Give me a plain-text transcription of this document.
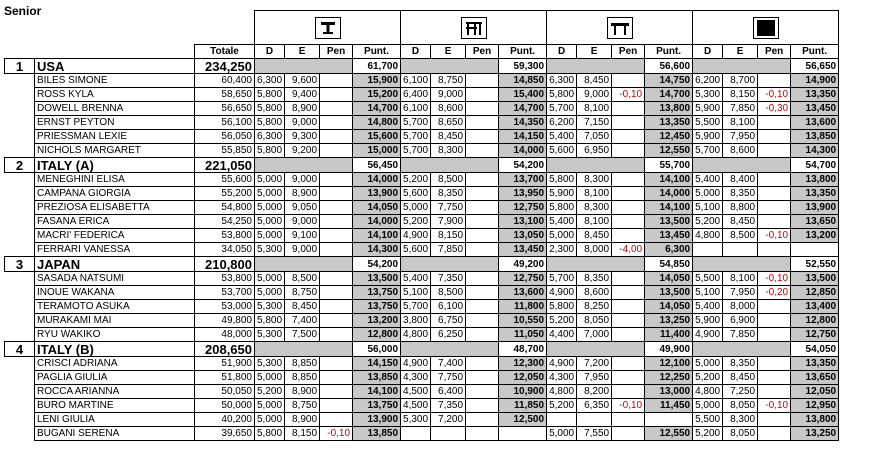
Senior

		Totale	D	E	Pen	Punt.	D	E	Pen	Punt.	D	E	Pen	Punt.	D	E	Pen	Punt.
1	USA	234,250				61,700				59,300				56,600				56,650
	BILES SIMONE	60,400	6,300	9,600		15,900	6,100	8,750		14,850	6,300	8,450		14,750	6,200	8,700		14,900
	ROSS KYLA	58,650	5,800	9,400		15,200	6,400	9,000		15,400	5,800	9,000	-0,10	14,700	5,300	8,150	-0,10	13,350
	DOWELL BRENNA	56,650	5,800	8,900		14,700	6,100	8,600		14,700	5,700	8,100		13,800	5,900	7,850	-0,30	13,450
	ERNST PEYTON	56,100	5,800	9,000		14,800	5,700	8,650		14,350	6,200	7,150		13,350	5,500	8,100		13,600
	PRIESSMAN LEXIE	56,050	6,300	9,300		15,600	5,700	8,450		14,150	5,400	7,050		12,450	5,900	7,950		13,850
	NICHOLS MARGARET	55,850	5,800	9,200		15,000	5,700	8,300		14,000	5,600	6,950		12,550	5,700	8,600		14,300
2	ITALY (A)	221,050				56,450				54,200				55,700				54,700
	MENEGHINI ELISA	55,600	5,000	9,000		14,000	5,200	8,500		13,700	5,800	8,300		14,100	5,400	8,400		13,800
	CAMPANA GIORGIA	55,200	5,000	8,900		13,900	5,600	8,350		13,950	5,900	8,100		14,000	5,000	8,350		13,350
	PREZIOSA ELISABETTA	54,800	5,000	9,050		14,050	5,000	7,750		12,750	5,800	8,300		14,100	5,100	8,800		13,900
	FASANA ERICA	54,250	5,000	9,000		14,000	5,200	7,900		13,100	5,400	8,100		13,500	5,200	8,450		13,650
	MACRI' FEDERICA	53,800	5,000	9,100		14,100	4,900	8,150		13,050	5,000	8,450		13,450	4,800	8,500	-0,10	13,200
	FERRARI VANESSA	34,050	5,300	9,000		14,300	5,600	7,850		13,450	2,300	8,000	-4,00	6,300				
3	JAPAN	210,800				54,200				49,200				54,850				52,550
	SASADA NATSUMI	53,800	5,000	8,500		13,500	5,400	7,350		12,750	5,700	8,350		14,050	5,500	8,100	-0,10	13,500
	INOUE WAKANA	53,700	5,000	8,750		13,750	5,100	8,500		13,600	4,900	8,600		13,500	5,100	7,950	-0,20	12,850
	TERAMOTO ASUKA	53,000	5,300	8,450		13,750	5,700	6,100		11,800	5,800	8,250		14,050	5,400	8,000		13,400
	MURAKAMI MAI	49,800	5,800	7,400		13,200	3,800	6,750		10,550	5,200	8,050		13,250	5,900	6,900		12,800
	RYU WAKIKO	48,000	5,300	7,500		12,800	4,800	6,250		11,050	4,400	7,000		11,400	4,900	7,850		12,750
4	ITALY (B)	208,650				56,000				48,700				49,900				54,050
	CRISCI ADRIANA	51,900	5,300	8,850		14,150	4,900	7,400		12,300	4,900	7,200		12,100	5,000	8,350		13,350
	PAGLIA GIULIA	51,800	5,000	8,850		13,850	4,300	7,750		12,050	4,300	7,950		12,250	5,200	8,450		13,650
	ROCCA ARIANNA	50,050	5,200	8,900		14,100	4,500	6,400		10,900	4,800	8,200		13,000	4,800	7,250		12,050
	BURO MARTINE	50,000	5,000	8,750		13,750	4,500	7,350		11,850	5,200	6,350	-0,10	11,450	5,000	8,050	-0,10	12,950
	LENI GIULIA	40,200	5,000	8,900		13,900	5,300	7,200		12,500					5,500	8,300		13,800
	BUGANI SERENA	39,650	5,800	8,150	-0,10	13,850					5,000	7,550		12,550	5,200	8,050		13,250
